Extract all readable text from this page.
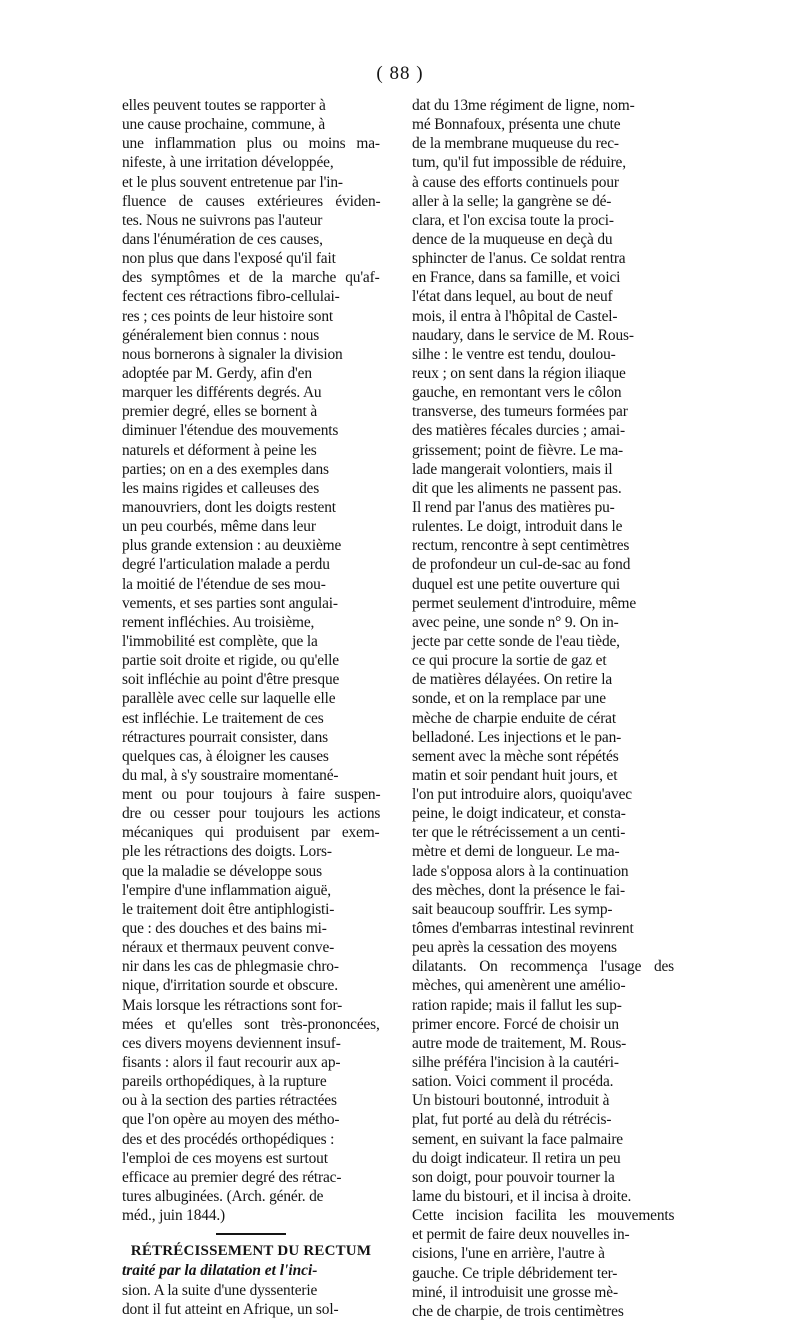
( 88 )
elles peuvent toutes se rapporter à
une cause prochaine, commune, à
une inflammation plus ou moins ma-
nifeste, à une irritation développée,
et le plus souvent entretenue par l'in-
fluence de causes extérieures éviden-
tes. Nous ne suivrons pas l'auteur
dans l'énumération de ces causes,
non plus que dans l'exposé qu'il fait
des symptômes et de la marche qu'af-
fectent ces rétractions fibro-cellulai-
res ; ces points de leur histoire sont
généralement bien connus : nous
nous bornerons à signaler la division
adoptée par M. Gerdy, afin d'en
marquer les différents degrés. Au
premier degré, elles se bornent à
diminuer l'étendue des mouvements
naturels et déforment à peine les
parties; on en a des exemples dans
les mains rigides et calleuses des
manouvriers, dont les doigts restent
un peu courbés, même dans leur
plus grande extension : au deuxième
degré l'articulation malade a perdu
la moitié de l'étendue de ses mou-
vements, et ses parties sont angulai-
rement infléchies. Au troisième,
l'immobilité est complète, que la
partie soit droite et rigide, ou qu'elle
soit infléchie au point d'être presque
parallèle avec celle sur laquelle elle
est infléchie. Le traitement de ces
rétractures pourrait consister, dans
quelques cas, à éloigner les causes
du mal, à s'y soustraire momentané-
ment ou pour toujours à faire suspen-
dre ou cesser pour toujours les actions
mécaniques qui produisent par exem-
ple les rétractions des doigts. Lors-
que la maladie se développe sous
l'empire d'une inflammation aiguë,
le traitement doit être antiphlogisti-
que : des douches et des bains mi-
néraux et thermaux peuvent conve-
nir dans les cas de phlegmasie chro-
nique, d'irritation sourde et obscure.
Mais lorsque les rétractions sont for-
mées et qu'elles sont très-prononcées,
ces divers moyens deviennent insuf-
fisants : alors il faut recourir aux ap-
pareils orthopédiques, à la rupture
ou à la section des parties rétractées
que l'on opère au moyen des métho-
des et des procédés orthopédiques :
l'emploi de ces moyens est surtout
efficace au premier degré des rétrac-
tures albuginées. (Arch. génér. de
méd., juin 1844.)
RÉTRÉCISSEMENT DU RECTUM
traité par la dilatation et l'inci-
sion. A la suite d'une dyssenterie
dont il fut atteint en Afrique, un sol-
dat du 13me régiment de ligne, nom-
mé Bonnafoux, présenta une chute
de la membrane muqueuse du rec-
tum, qu'il fut impossible de réduire,
à cause des efforts continuels pour
aller à la selle; la gangrène se dé-
clara, et l'on excisa toute la proci-
dence de la muqueuse en deçà du
sphincter de l'anus. Ce soldat rentra
en France, dans sa famille, et voici
l'état dans lequel, au bout de neuf
mois, il entra à l'hôpital de Castel-
naudary, dans le service de M. Rous-
silhe : le ventre est tendu, doulou-
reux ; on sent dans la région iliaque
gauche, en remontant vers le côlon
transverse, des tumeurs formées par
des matières fécales durcies ; amai-
grissement; point de fièvre. Le ma-
lade mangerait volontiers, mais il
dit que les aliments ne passent pas.
Il rend par l'anus des matières pu-
rulentes. Le doigt, introduit dans le
rectum, rencontre à sept centimètres
de profondeur un cul-de-sac au fond
duquel est une petite ouverture qui
permet seulement d'introduire, même
avec peine, une sonde n° 9. On in-
jecte par cette sonde de l'eau tiède,
ce qui procure la sortie de gaz et
de matières délayées. On retire la
sonde, et on la remplace par une
mèche de charpie enduite de cérat
belladoné. Les injections et le pan-
sement avec la mèche sont répétés
matin et soir pendant huit jours, et
l'on put introduire alors, quoiqu'avec
peine, le doigt indicateur, et consta-
ter que le rétrécissement a un centi-
mètre et demi de longueur. Le ma-
lade s'opposa alors à la continuation
des mèches, dont la présence le fai-
sait beaucoup souffrir. Les symp-
tômes d'embarras intestinal revinrent
peu après la cessation des moyens
dilatants. On recommença l'usage des
mèches, qui amenèrent une amélio-
ration rapide; mais il fallut les sup-
primer encore. Forcé de choisir un
autre mode de traitement, M. Rous-
silhe préféra l'incision à la cautéri-
sation. Voici comment il procéda.
Un bistouri boutonné, introduit à
plat, fut porté au delà du rétrécis-
sement, en suivant la face palmaire
du doigt indicateur. Il retira un peu
son doigt, pour pouvoir tourner la
lame du bistouri, et il incisa à droite.
Cette incision facilita les mouvements
et permit de faire deux nouvelles in-
cisions, l'une en arrière, l'autre à
gauche. Ce triple débridement ter-
miné, il introduisit une grosse mè-
che de charpie, de trois centimètres
